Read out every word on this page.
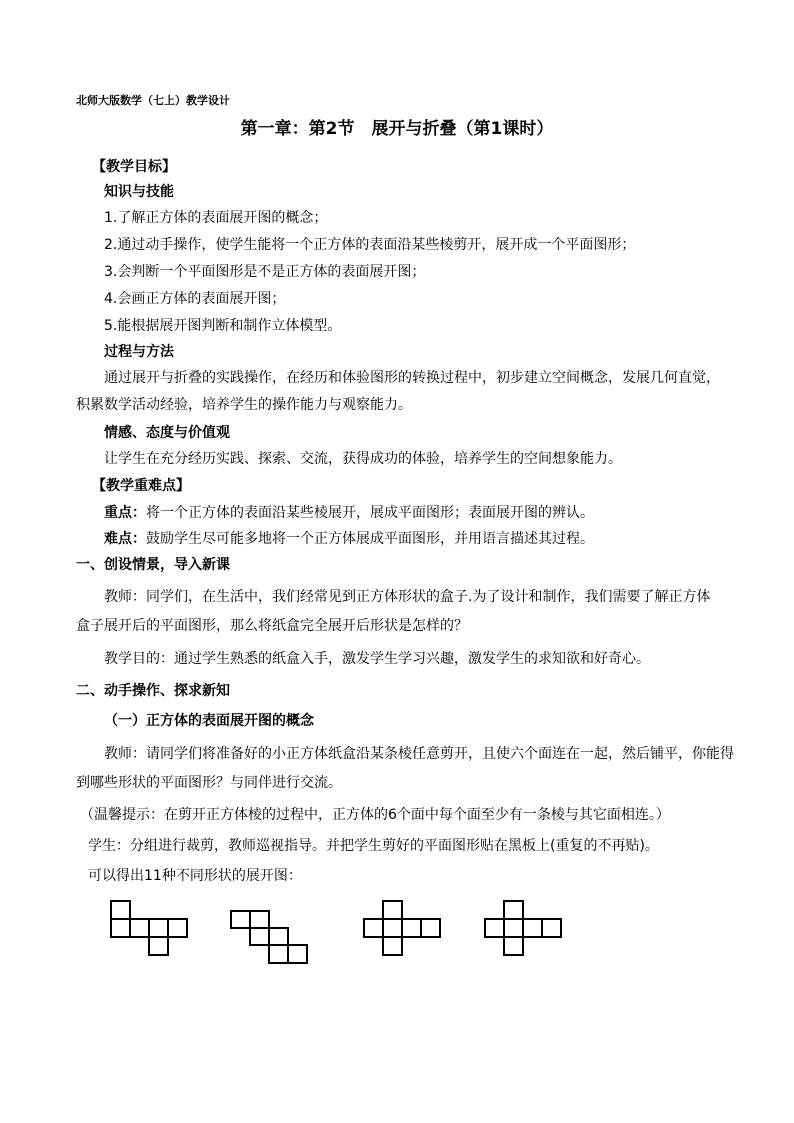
北师大版数学（七上）教学设计
第一章：第2节　展开与折叠（第1课时）
【教学目标】
知识与技能
1.了解正方体的表面展开图的概念；
2.通过动手操作，使学生能将一个正方体的表面沿某些棱剪开，展开成一个平面图形；
3.会判断一个平面图形是不是正方体的表面展开图；
4.会画正方体的表面展开图；
5.能根据展开图判断和制作立体模型。
过程与方法
通过展开与折叠的实践操作，在经历和体验图形的转换过程中，初步建立空间概念，发展几何直觉，
积累数学活动经验，培养学生的操作能力与观察能力。
情感、态度与价值观
让学生在充分经历实践、探索、交流，获得成功的体验，培养学生的空间想象能力。
【教学重难点】
重点：将一个正方体的表面沿某些棱展开，展成平面图形；表面展开图的辨认。
难点：鼓励学生尽可能多地将一个正方体展成平面图形，并用语言描述其过程。
一、创设情景，导入新课
教师：同学们，在生活中，我们经常见到正方体形状的盒子.为了设计和制作，我们需要了解正方体
盒子展开后的平面图形，那么将纸盒完全展开后形状是怎样的？
教学目的：通过学生熟悉的纸盒入手，激发学生学习兴趣，激发学生的求知欲和好奇心。
二、动手操作、探求新知
（一）正方体的表面展开图的概念
教师：请同学们将准备好的小正方体纸盒沿某条棱任意剪开，且使六个面连在一起，然后铺平，你能得
到哪些形状的平面图形？与同伴进行交流。
（温馨提示：在剪开正方体棱的过程中，正方体的6个面中每个面至少有一条棱与其它面相连。）
学生：分组进行裁剪，教师巡视指导。并把学生剪好的平面图形贴在黑板上(重复的不再贴)。
可以得出11种不同形状的展开图：
